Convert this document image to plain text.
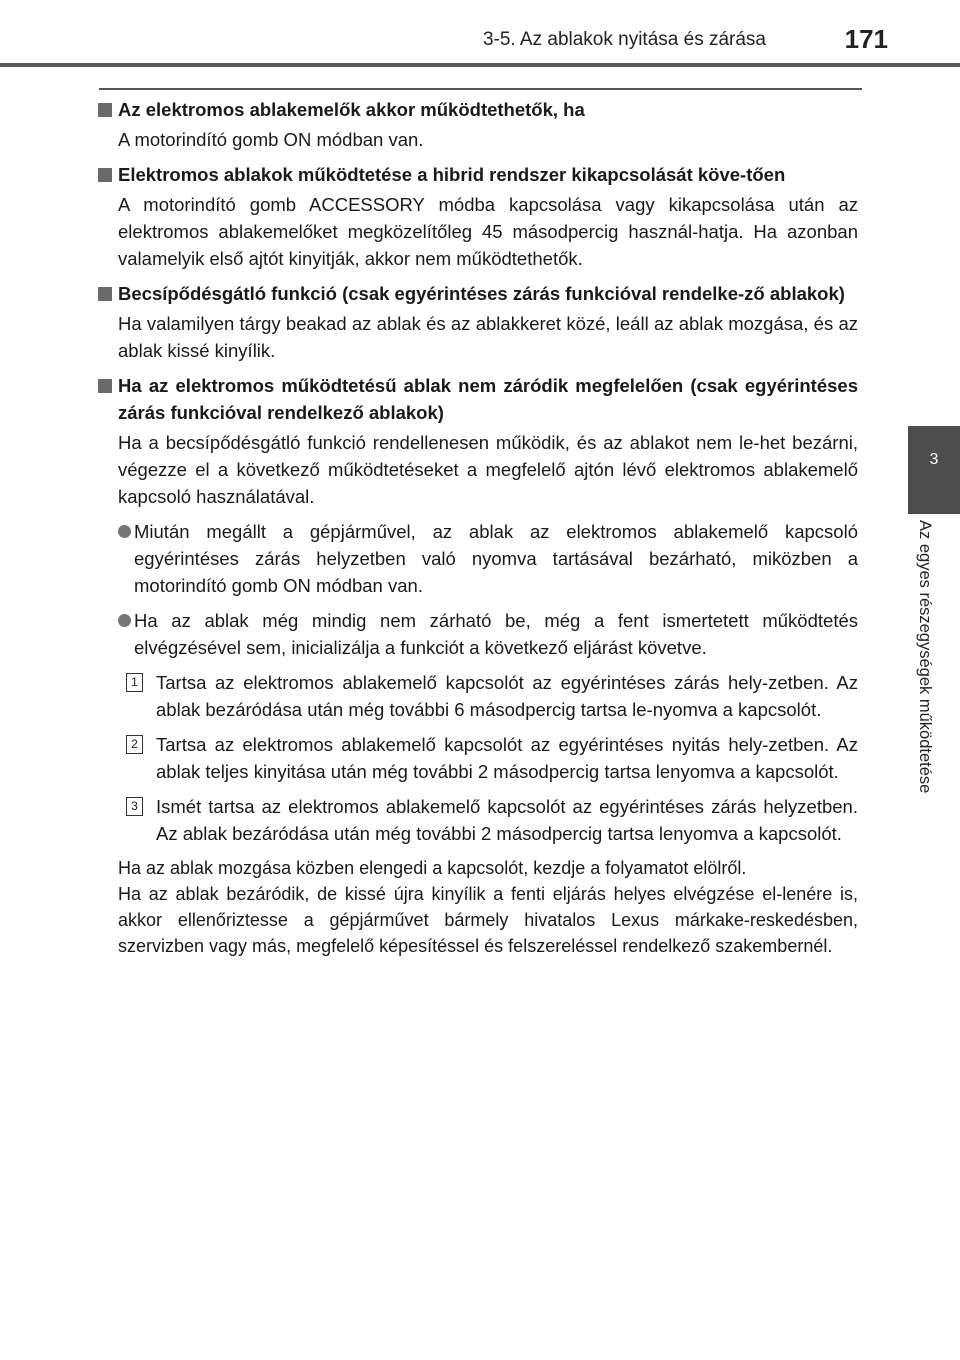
3-5. Az ablakok nyitása és zárása	171
3
Az egyes részegységek működtetése

Az elektromos ablakemelők akkor működtethetők, ha

A motorindító gomb ON módban van.

Elektromos ablakok működtetése a hibrid rendszer kikapcsolását köve-tően

A motorindító gomb ACCESSORY módba kapcsolása vagy kikapcsolása után az elektromos ablakemelőket megközelítőleg 45 másodpercig használ-hatja. Ha azonban valamelyik első ajtót kinyitják, akkor nem működtethetők.

Becsípődésgátló funkció (csak egyérintéses zárás funkcióval rendelke-ző ablakok)

Ha valamilyen tárgy beakad az ablak és az ablakkeret közé, leáll az ablak mozgása, és az ablak kissé kinyílik.

Ha az elektromos működtetésű ablak nem záródik megfelelően (csak egyérintéses zárás funkcióval rendelkező ablakok)

Ha a becsípődésgátló funkció rendellenesen működik, és az ablakot nem le-het bezárni, végezze el a következő működtetéseket a megfelelő ajtón lévő elektromos ablakemelő kapcsoló használatával.

Miután megállt a gépjárművel, az ablak az elektromos ablakemelő kapcsoló egyérintéses zárás helyzetben való nyomva tartásával bezárható, miközben a motorindító gomb ON módban van.

Ha az ablak még mindig nem zárható be, még a fent ismertetett működtetés elvégzésével sem, inicializálja a funkciót a következő eljárást követve.

1 Tartsa az elektromos ablakemelő kapcsolót az egyérintéses zárás hely-zetben. Az ablak bezáródása után még további 6 másodpercig tartsa le-nyomva a kapcsolót.

2 Tartsa az elektromos ablakemelő kapcsolót az egyérintéses nyitás hely-zetben. Az ablak teljes kinyitása után még további 2 másodpercig tartsa lenyomva a kapcsolót.

3 Ismét tartsa az elektromos ablakemelő kapcsolót az egyérintéses zárás helyzetben. Az ablak bezáródása után még további 2 másodpercig tartsa lenyomva a kapcsolót.

Ha az ablak mozgása közben elengedi a kapcsolót, kezdje a folyamatot elölről.

Ha az ablak bezáródik, de kissé újra kinyílik a fenti eljárás helyes elvégzése el-lenére is, akkor ellenőriztesse a gépjárművet bármely hivatalos Lexus márkake-reskedésben, szervizben vagy más, megfelelő képesítéssel és felszereléssel rendelkező szakembernél.
